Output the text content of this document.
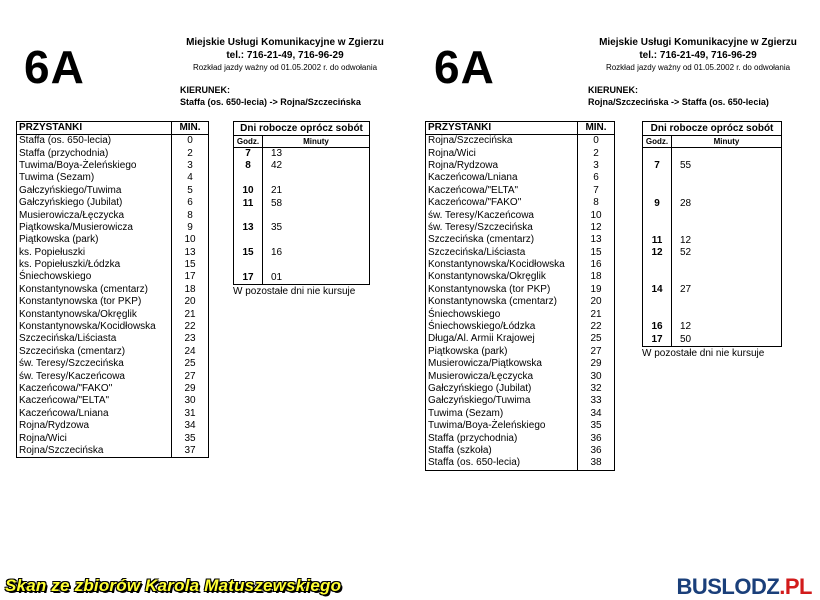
6A	Miejskie Usługi Komunikacyjne w Zgierzu
tel.: 716-21-49, 716-96-29
Rozkład jazdy ważny od 01.05.2002 r. do odwołania
KIERUNEK:
Staffa (os. 650-lecia) -> Rojna/Szczecińska
PRZYSTANKI	MIN.
Staffa (os. 650-lecia)	0
Staffa (przychodnia)	2
Tuwima/Boya-Żeleńskiego	3
Tuwima (Sezam)	4
Gałczyńskiego/Tuwima	5
Gałczyńskiego (Jubilat)	6
Musierowicza/Łęczycka	8
Piątkowska/Musierowicza	9
Piątkowska (park)	10
ks. Popiełuszki	13
ks. Popiełuszki/Łódzka	15
Śniechowskiego	17
Konstantynowska (cmentarz)	18
Konstantynowska (tor PKP)	20
Konstantynowska/Okręglik	21
Konstantynowska/Kocidłowska	22
Szczecińska/Liściasta	23
Szczecińska (cmentarz)	24
św. Teresy/Szczecińska	25
św. Teresy/Kaczeńcowa	27
Kaczeńcowa/"FAKO"	29
Kaczeńcowa/"ELTA"	30
Kaczeńcowa/Lniana	31
Rojna/Rydzowa	34
Rojna/Wici	35
Rojna/Szczecińska	37
Dni robocze oprócz sobót
Godz.	Minuty
7	13
8	42
10	21
11	58
13	35
15	16
17	01
W pozostałe dni nie kursuje
6A	Miejskie Usługi Komunikacyjne w Zgierzu
tel.: 716-21-49, 716-96-29
Rozkład jazdy ważny od 01.05.2002 r. do odwołania
KIERUNEK:
Rojna/Szczecińska -> Staffa (os. 650-lecia)
PRZYSTANKI	MIN.
Rojna/Szczecińska	0
Rojna/Wici	2
Rojna/Rydzowa	3
Kaczeńcowa/Lniana	6
Kaczeńcowa/"ELTA"	7
Kaczeńcowa/"FAKO"	8
św. Teresy/Kaczeńcowa	10
św. Teresy/Szczecińska	12
Szczecińska (cmentarz)	13
Szczecińska/Liściasta	15
Konstantynowska/Kocidłowska	16
Konstantynowska/Okręglik	18
Konstantynowska (tor PKP)	19
Konstantynowska (cmentarz)	20
Śniechowskiego	21
Śniechowskiego/Łódzka	22
Długa/Al. Armii Krajowej	25
Piątkowska (park)	27
Musierowicza/Piątkowska	29
Musierowicza/Łęczycka	30
Gałczyńskiego (Jubilat)	32
Gałczyńskiego/Tuwima	33
Tuwima (Sezam)	34
Tuwima/Boya-Żeleńskiego	35
Staffa (przychodnia)	36
Staffa (szkoła)	36
Staffa (os. 650-lecia)	38
Dni robocze oprócz sobót
Godz.	Minuty
7	55
9	28
11	12
12	52
14	27
16	12
17	50
W pozostałe dni nie kursuje
Skan ze zbiorów Karola Matuszewskiego	BUSLODZ.PL
